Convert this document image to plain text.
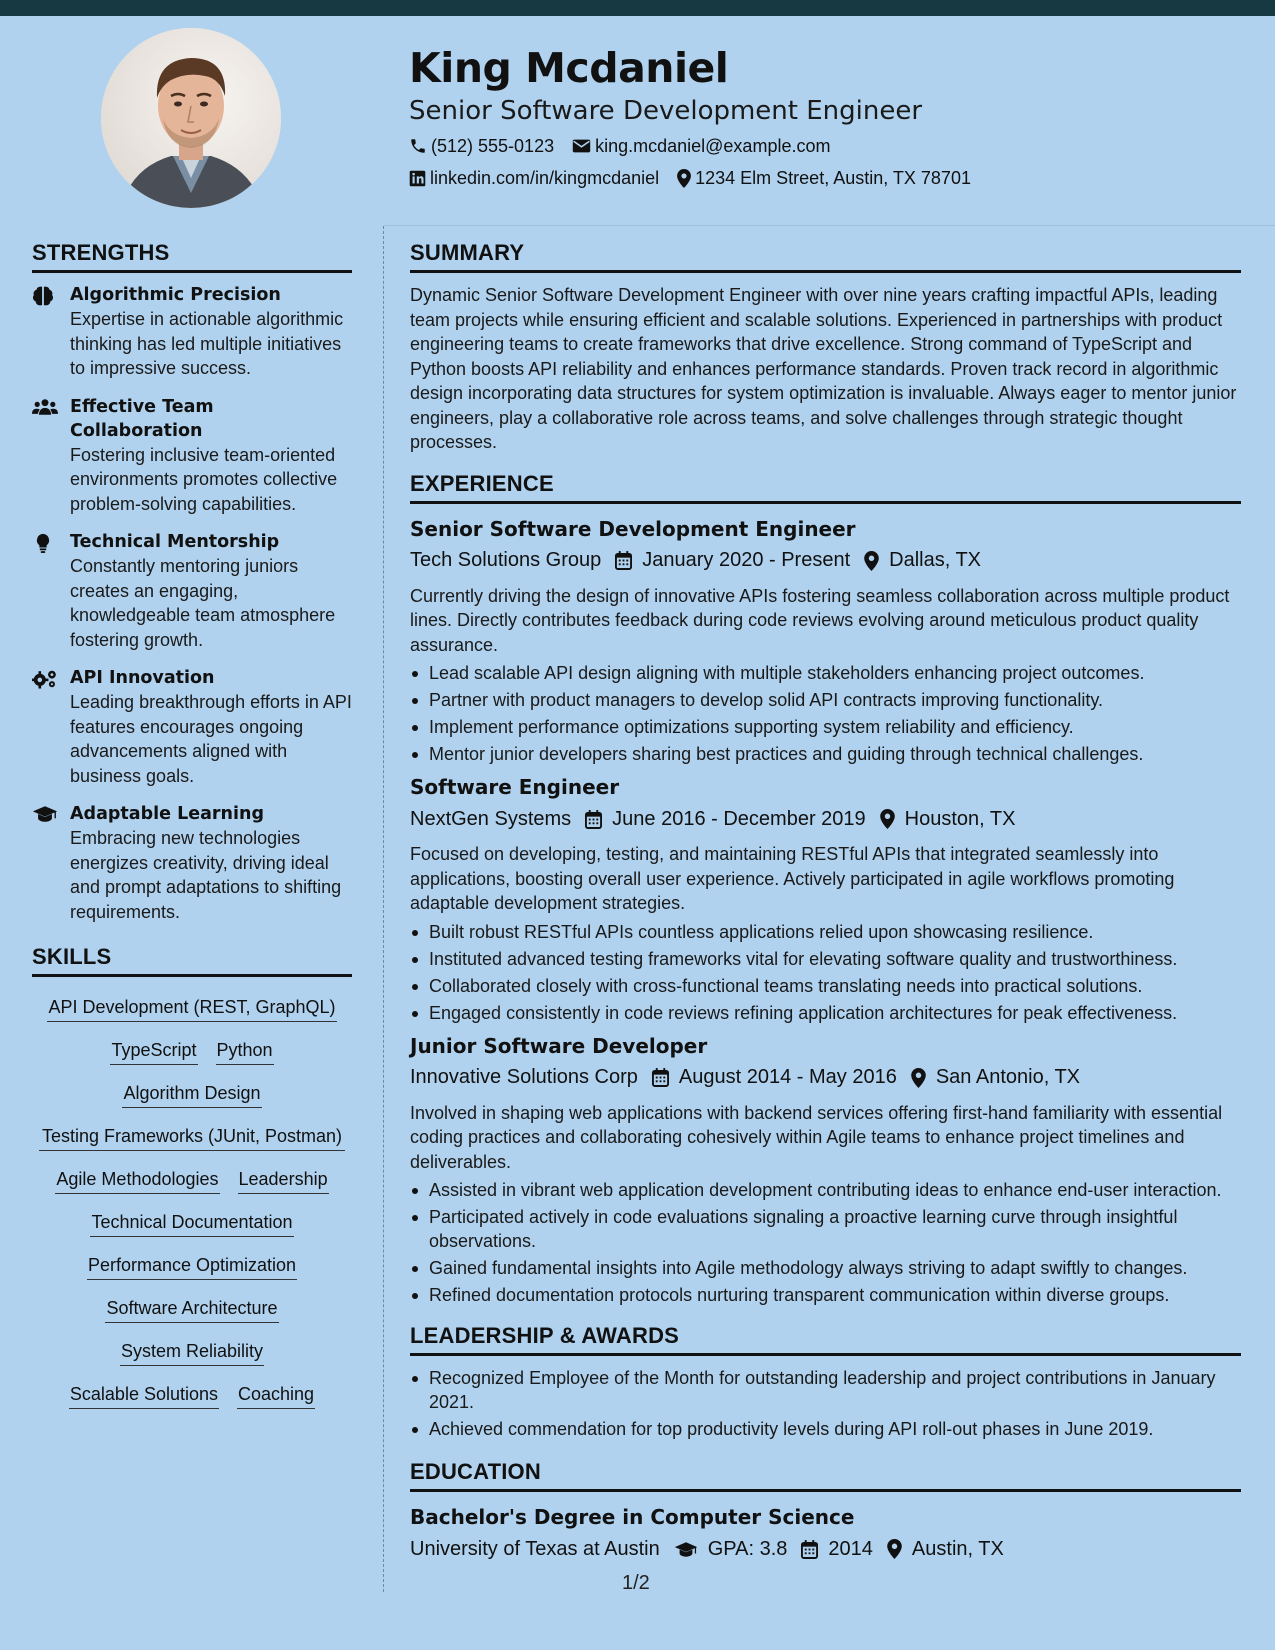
King Mcdaniel
Senior Software Development Engineer
(512) 555-0123 king.mcdaniel@example.com
linkedin.com/in/kingmcdaniel 1234 Elm Street, Austin, TX 78701
STRENGTHS
Algorithmic Precision
Expertise in actionable algorithmic thinking has led multiple initiatives to impressive success.
Effective Team Collaboration
Fostering inclusive team-oriented environments promotes collective problem-solving capabilities.
Technical Mentorship
Constantly mentoring juniors creates an engaging, knowledgeable team atmosphere fostering growth.
API Innovation
Leading breakthrough efforts in API features encourages ongoing advancements aligned with business goals.
Adaptable Learning
Embracing new technologies energizes creativity, driving ideal and prompt adaptations to shifting requirements.
SKILLS
API Development (REST, GraphQL)
TypeScript Python
Algorithm Design
Testing Frameworks (JUnit, Postman)
Agile Methodologies Leadership
Technical Documentation
Performance Optimization
Software Architecture
System Reliability
Scalable Solutions Coaching
SUMMARY

Dynamic Senior Software Development Engineer with over nine years crafting impactful APIs, leading team projects while ensuring efficient and scalable solutions. Experienced in partnerships with product engineering teams to create frameworks that drive excellence. Strong command of TypeScript and Python boosts API reliability and enhances performance standards. Proven track record in algorithmic design incorporating data structures for system optimization is invaluable. Always eager to mentor junior engineers, play a collaborative role across teams, and solve challenges through strategic thought processes.

EXPERIENCE
Senior Software Development Engineer
Tech Solutions Group January 2020 - Present Dallas, TX

Currently driving the design of innovative APIs fostering seamless collaboration across multiple product lines. Directly contributes feedback during code reviews evolving around meticulous product quality assurance.

Lead scalable API design aligning with multiple stakeholders enhancing project outcomes.
Partner with product managers to develop solid API contracts improving functionality.
Implement performance optimizations supporting system reliability and efficiency.
Mentor junior developers sharing best practices and guiding through technical challenges.
Software Engineer
NextGen Systems June 2016 - December 2019 Houston, TX

Focused on developing, testing, and maintaining RESTful APIs that integrated seamlessly into applications, boosting overall user experience. Actively participated in agile workflows promoting adaptable development strategies.

Built robust RESTful APIs countless applications relied upon showcasing resilience.
Instituted advanced testing frameworks vital for elevating software quality and trustworthiness.
Collaborated closely with cross-functional teams translating needs into practical solutions.
Engaged consistently in code reviews refining application architectures for peak effectiveness.
Junior Software Developer
Innovative Solutions Corp August 2014 - May 2016 San Antonio, TX

Involved in shaping web applications with backend services offering first-hand familiarity with essential coding practices and collaborating cohesively within Agile teams to enhance project timelines and deliverables.

Assisted in vibrant web application development contributing ideas to enhance end-user interaction.
Participated actively in code evaluations signaling a proactive learning curve through insightful observations.
Gained fundamental insights into Agile methodology always striving to adapt swiftly to changes.
Refined documentation protocols nurturing transparent communication within diverse groups.
LEADERSHIP & AWARDS
Recognized Employee of the Month for outstanding leadership and project contributions in January 2021.
Achieved commendation for top productivity levels during API roll-out phases in June 2019.
EDUCATION
Bachelor's Degree in Computer Science
University of Texas at Austin GPA: 3.8 2014 Austin, TX
1/2
